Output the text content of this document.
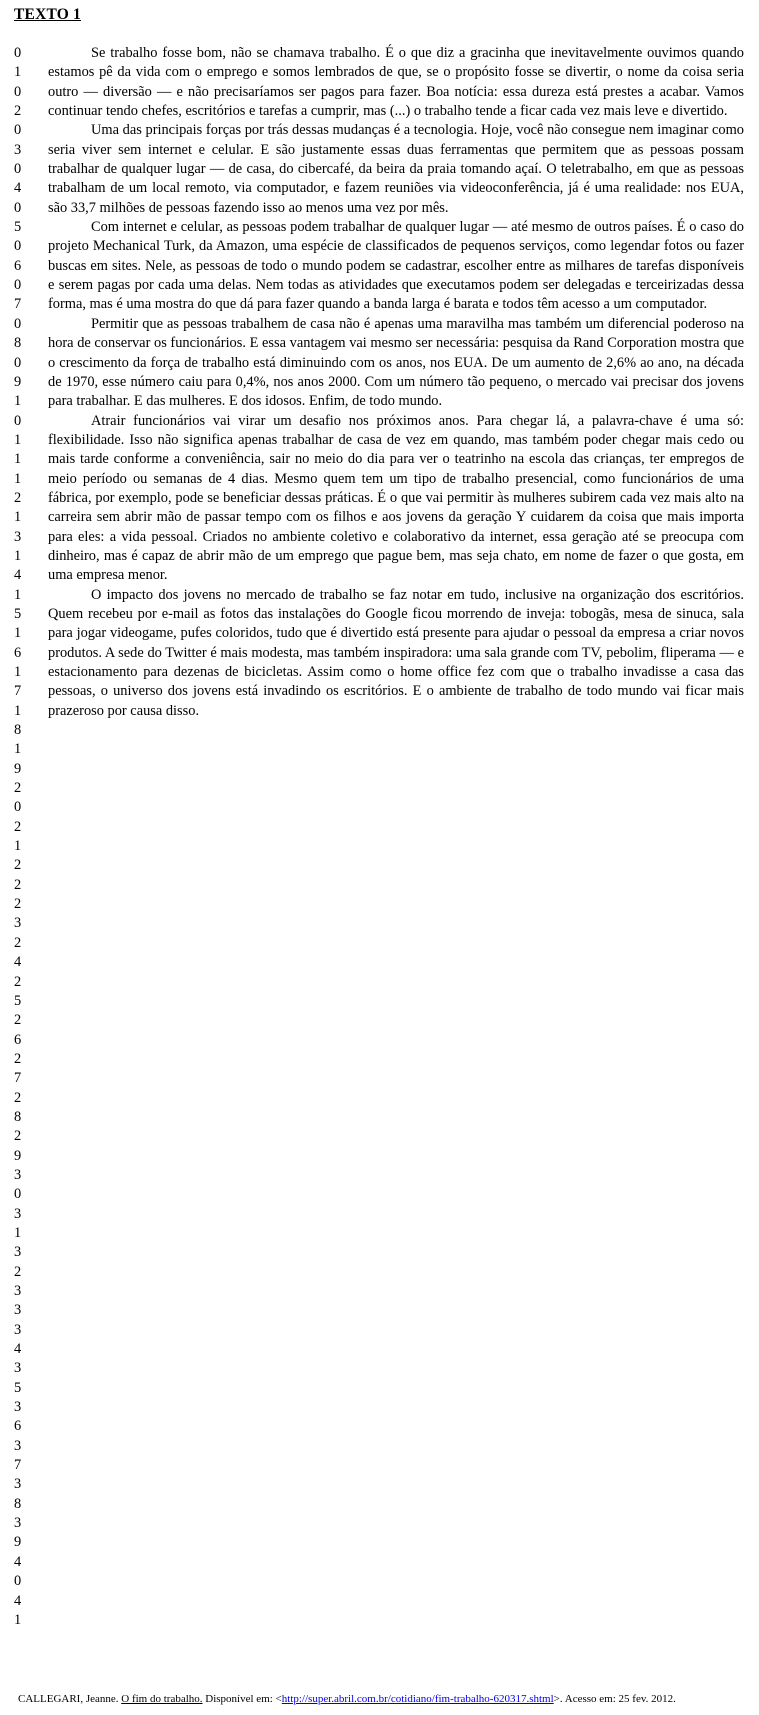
TEXTO 1
0
1
0
2
0
3
0
4
0
5
0
6
0
7
0
8
0
9
1
0
1
1
1
2
1
3
1
4
1
5
1
6
1
7
1
8
1
9
2
0
2
1
2
2
2
3
2
4
2
5
2
6
2
7
2
8
2
9
3
0
3
1
3
2
3
3
3
4
3
5
3
6
3
7
3
8
3
9
4
0
4
1

Se trabalho fosse bom, não se chamava trabalho. É o que diz a gracinha que inevitavelmente ouvimos quando estamos pê da vida com o emprego e somos lembrados de que, se o propósito fosse se divertir, o nome da coisa seria outro — diversão — e não precisaríamos ser pagos para fazer. Boa notícia: essa dureza está prestes a acabar. Vamos continuar tendo chefes, escritórios e tarefas a cumprir, mas (...) o trabalho tende a ficar cada vez mais leve e divertido.

Uma das principais forças por trás dessas mudanças é a tecnologia. Hoje, você não consegue nem imaginar como seria viver sem internet e celular. E são justamente essas duas ferramentas que permitem que as pessoas possam trabalhar de qualquer lugar — de casa, do cibercafé, da beira da praia tomando açaí. O teletrabalho, em que as pessoas trabalham de um local remoto, via computador, e fazem reuniões via videoconferência, já é uma realidade: nos EUA, são 33,7 milhões de pessoas fazendo isso ao menos uma vez por mês.

Com internet e celular, as pessoas podem trabalhar de qualquer lugar — até mesmo de outros países. É o caso do projeto Mechanical Turk, da Amazon, uma espécie de classificados de pequenos serviços, como legendar fotos ou fazer buscas em sites. Nele, as pessoas de todo o mundo podem se cadastrar, escolher entre as milhares de tarefas disponíveis e serem pagas por cada uma delas. Nem todas as atividades que executamos podem ser delegadas e terceirizadas dessa forma, mas é uma mostra do que dá para fazer quando a banda larga é barata e todos têm acesso a um computador.

Permitir que as pessoas trabalhem de casa não é apenas uma maravilha mas também um diferencial poderoso na hora de conservar os funcionários. E essa vantagem vai mesmo ser necessária: pesquisa da Rand Corporation mostra que o crescimento da força de trabalho está diminuindo com os anos, nos EUA. De um aumento de 2,6% ao ano, na década de 1970, esse número caiu para 0,4%, nos anos 2000. Com um número tão pequeno, o mercado vai precisar dos jovens para trabalhar. E das mulheres. E dos idosos. Enfim, de todo mundo.

Atrair funcionários vai virar um desafio nos próximos anos. Para chegar lá, a palavra-chave é uma só: flexibilidade. Isso não significa apenas trabalhar de casa de vez em quando, mas também poder chegar mais cedo ou mais tarde conforme a conveniência, sair no meio do dia para ver o teatrinho na escola das crianças, ter empregos de meio período ou semanas de 4 dias. Mesmo quem tem um tipo de trabalho presencial, como funcionários de uma fábrica, por exemplo, pode se beneficiar dessas práticas. É o que vai permitir às mulheres subirem cada vez mais alto na carreira sem abrir mão de passar tempo com os filhos e aos jovens da geração Y cuidarem da coisa que mais importa para eles: a vida pessoal. Criados no ambiente coletivo e colaborativo da internet, essa geração até se preocupa com dinheiro, mas é capaz de abrir mão de um emprego que pague bem, mas seja chato, em nome de fazer o que gosta, em uma empresa menor.

O impacto dos jovens no mercado de trabalho se faz notar em tudo, inclusive na organização dos escritórios. Quem recebeu por e-mail as fotos das instalações do Google ficou morrendo de inveja: tobogãs, mesa de sinuca, sala para jogar videogame, pufes coloridos, tudo que é divertido está presente para ajudar o pessoal da empresa a criar novos produtos. A sede do Twitter é mais modesta, mas também inspiradora: uma sala grande com TV, pebolim, fliperama — e estacionamento para dezenas de bicicletas. Assim como o home office fez com que o trabalho invadisse a casa das pessoas, o universo dos jovens está invadindo os escritórios. E o ambiente de trabalho de todo mundo vai ficar mais prazeroso por causa disso.

CALLEGARI, Jeanne. O fim do trabalho. Disponível em: <http://super.abril.com.br/cotidiano/fim-trabalho-620317.shtml>. Acesso em: 25 fev. 2012.
